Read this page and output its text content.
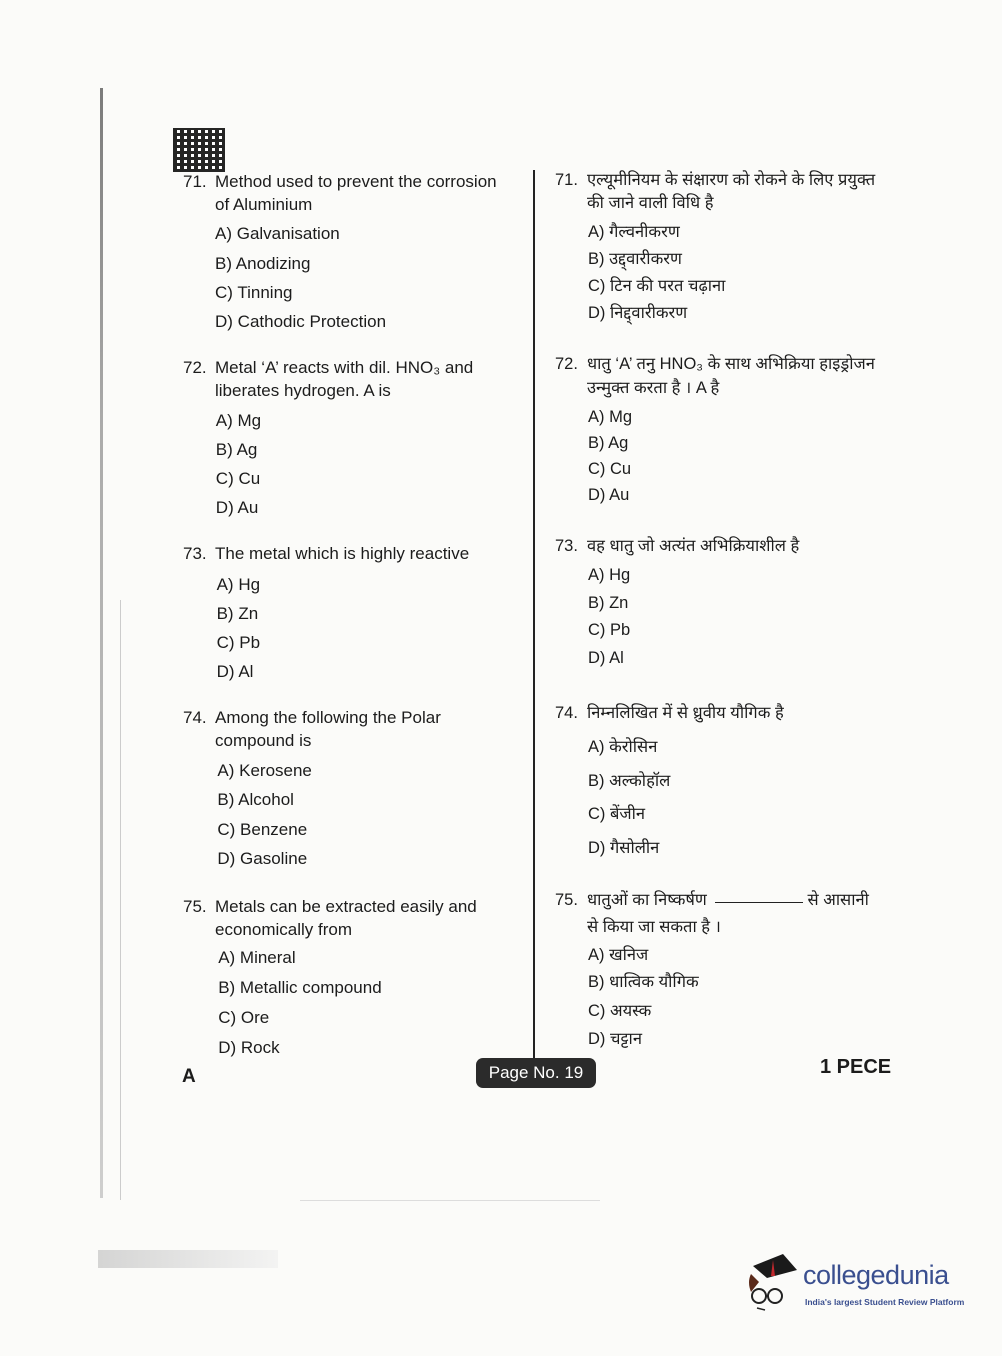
71. Method used to prevent the corrosion
of Aluminium
A) Galvanisation
B) Anodizing
C) Tinning
D) Cathodic Protection
72. Metal ‘A’ reacts with dil. HNO₃ and
liberates hydrogen. A is
A) Mg
B) Ag
C) Cu
D) Au
73. The metal which is highly reactive
A) Hg
B) Zn
C) Pb
D) Al
74. Among the following the Polar
compound is
A) Kerosene
B) Alcohol
C) Benzene
D) Gasoline
75. Metals can be extracted easily and
economically from
A) Mineral
B) Metallic compound
C) Ore
D) Rock
71. एल्यूमीनियम के संक्षारण को रोकने के लिए प्रयुक्त
की जाने वाली विधि है
A) गैल्वनीकरण
B) उद्द्वारीकरण
C) टिन की परत चढ़ाना
D) निद्द्वारीकरण
72. धातु ‘A’ तनु HNO₃ के साथ अभिक्रिया हाइड्रोजन
उन्मुक्त करता है । A है
A) Mg
B) Ag
C) Cu
D) Au
73. वह धातु जो अत्यंत अभिक्रियाशील है
A) Hg
B) Zn
C) Pb
D) Al
74. निम्नलिखित में से ध्रुवीय यौगिक है
A) केरोसिन
B) अल्कोहॉल
C) बेंजीन
D) गैसोलीन
75. धातुओं का निष्कर्षण	से आसानी
से किया जा सकता है ।
A) खनिज
B) धात्विक यौगिक
C) अयस्क
D) चट्टान
A	Page No. 19	1 PECE
collegedunia
India's largest Student Review Platform
